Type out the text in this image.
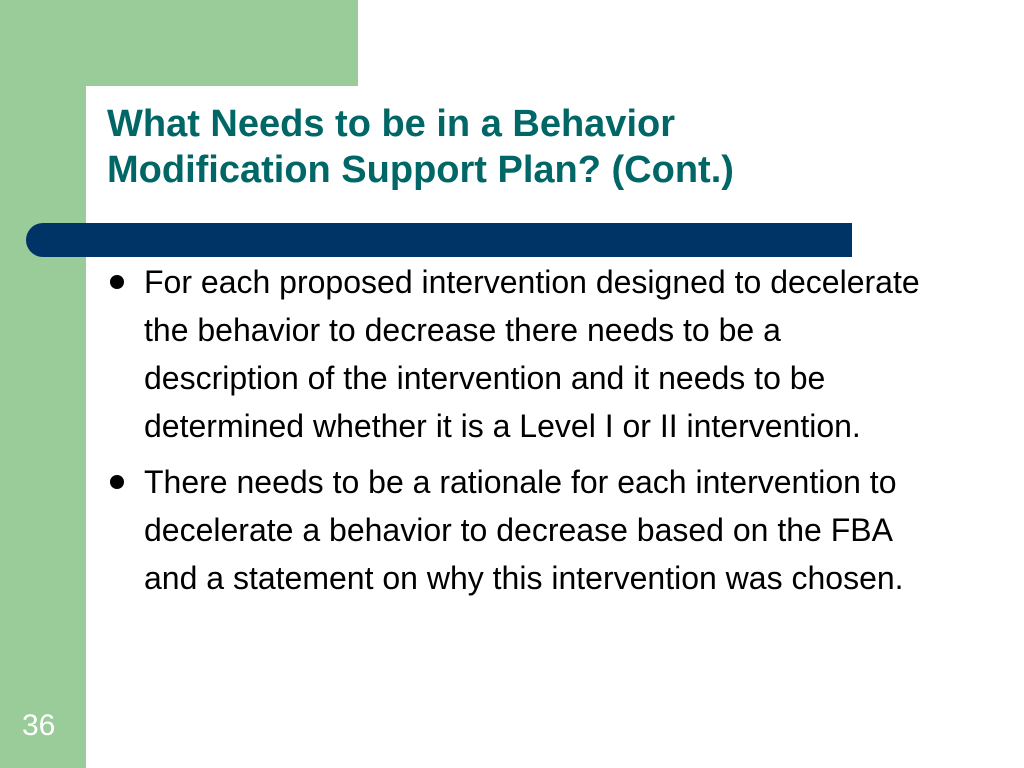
What Needs to be in a Behavior
Modification Support Plan? (Cont.)
For each proposed intervention designed to decelerate the behavior to decrease there needs to be a description of the intervention and it needs to be determined whether it is a Level I or II intervention.
There needs to be a rationale for each intervention to decelerate a behavior to decrease based on the FBA and a statement on why this intervention was chosen.
36
